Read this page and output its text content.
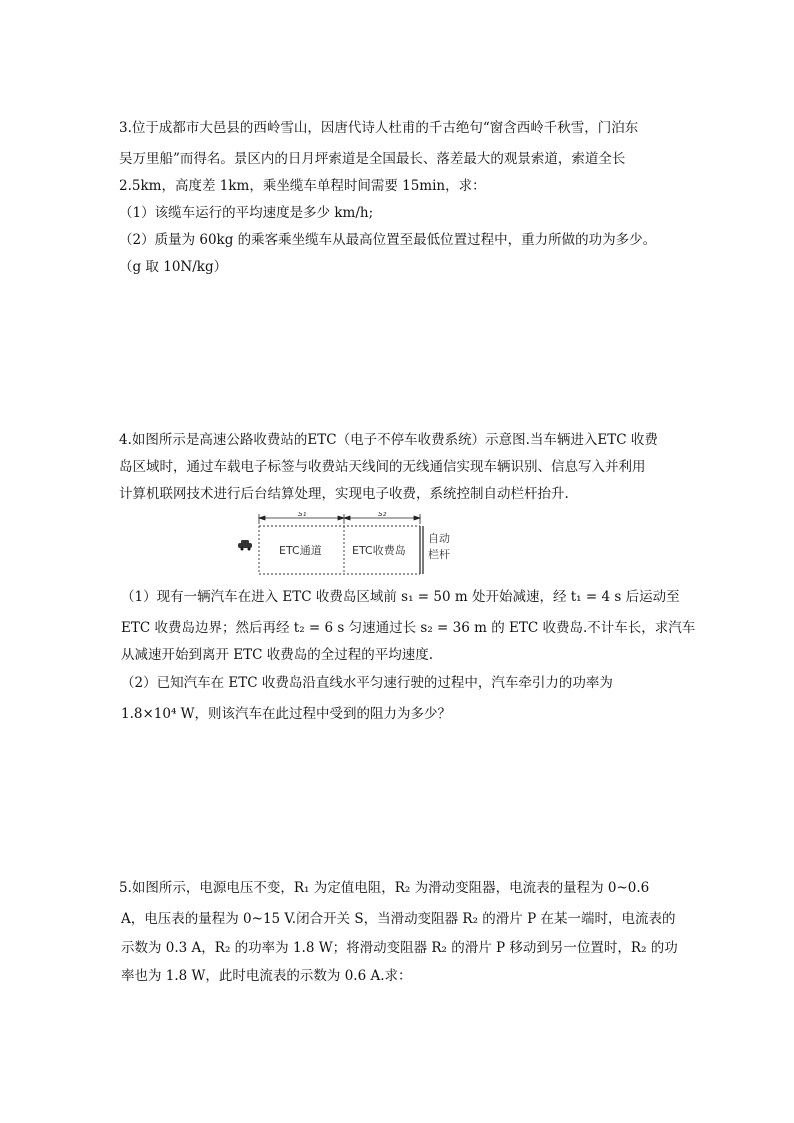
3.位于成都市大邑县的西岭雪山，因唐代诗人杜甫的千古绝句“窗含西岭千秋雪，门泊东
吴万里船”而得名。景区内的日月坪索道是全国最长、落差最大的观景索道，索道全长
2.5km，高度差 1km，乘坐缆车单程时间需要 15min，求：
（1）该缆车运行的平均速度是多少 km/h;
（2）质量为 60kg 的乘客乘坐缆车从最高位置至最低位置过程中，重力所做的功为多少。
（g 取 10N/kg）
4.如图所示是高速公路收费站的ETC（电子不停车收费系统）示意图.当车辆进入ETC 收费
岛区域时，通过车载电子标签与收费站天线间的无线通信实现车辆识别、信息写入并利用
计算机联网技术进行后台结算处理，实现电子收费，系统控制自动栏杆抬升.
s₁	s₂
ETC通道	ETC收费岛
自动
栏杆
（1）现有一辆汽车在进入 ETC 收费岛区域前 s₁ = 50 m 处开始减速，经 t₁ = 4 s 后运动至
ETC 收费岛边界；然后再经 t₂ = 6 s 匀速通过长 s₂ = 36 m 的 ETC 收费岛.不计车长，求汽车
从减速开始到离开 ETC 收费岛的全过程的平均速度.
（2）已知汽车在 ETC 收费岛沿直线水平匀速行驶的过程中，汽车牵引力的功率为
1.8×10⁴ W，则该汽车在此过程中受到的阻力为多少？
5.如图所示，电源电压不变，R₁ 为定值电阻，R₂ 为滑动变阻器，电流表的量程为 0~0.6
A，电压表的量程为 0~15 V.闭合开关 S，当滑动变阻器 R₂ 的滑片 P 在某一端时，电流表的
示数为 0.3 A，R₂ 的功率为 1.8 W；将滑动变阻器 R₂ 的滑片 P 移动到另一位置时，R₂ 的功
率也为 1.8 W，此时电流表的示数为 0.6 A.求：
